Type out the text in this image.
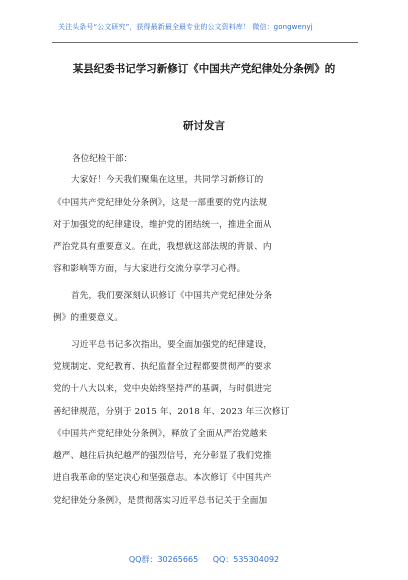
关注头条号“公文研究”，获得最新最全最专业的公文资料库！ 微信：gongwenyj
某县纪委书记学习新修订《中国共产党纪律处分条例》的
研讨发言
各位纪检干部：
大家好！今天我们聚集在这里，共同学习新修订的
《中国共产党纪律处分条例》，这是一部重要的党内法规
对于加强党的纪律建设，维护党的团结统一，推进全面从
严治党具有重要意义。在此，我想就这部法规的背景、内
容和影响等方面，与大家进行交流分享学习心得。
首先，我们要深刻认识修订《中国共产党纪律处分条
例》的重要意义。
习近平总书记多次指出，要全面加强党的纪律建设，
党规制定、党纪教育、执纪监督全过程都要贯彻严的要求
党的十八大以来，党中央始终坚持严的基调，与时俱进完
善纪律规范，分别于 2015 年、2018 年、2023 年三次修订
《中国共产党纪律处分条例》，释放了全面从严治党越来
越严、越往后执纪越严的强烈信号，充分彰显了我们党推
进自我革命的坚定决心和坚强意志。本次修订《中国共产
党纪律处分条例》，是贯彻落实习近平总书记关于全面加
QQ群：30265665 QQ：535304092
